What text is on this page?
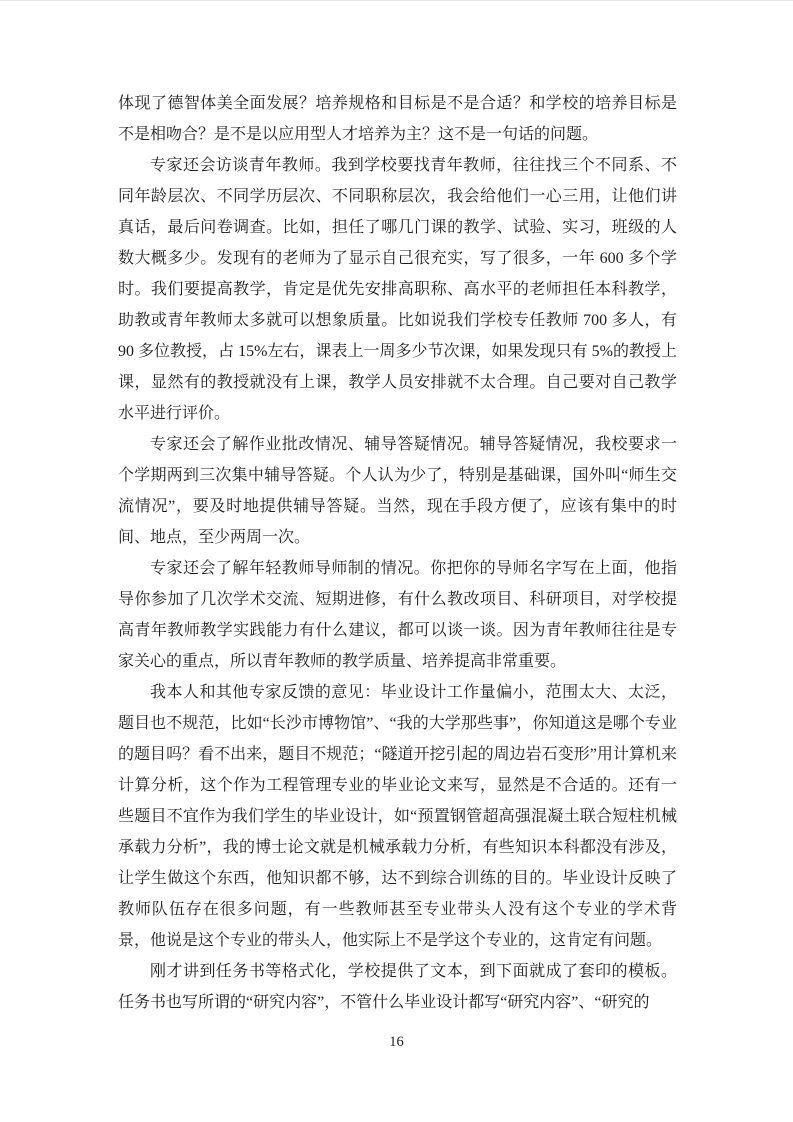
体现了德智体美全面发展？培养规格和目标是不是合适？和学校的培养目标是不是相吻合？是不是以应用型人才培养为主？这不是一句话的问题。

专家还会访谈青年教师。我到学校要找青年教师，往往找三个不同系、不同年龄层次、不同学历层次、不同职称层次，我会给他们一心三用，让他们讲真话，最后问卷调查。比如，担任了哪几门课的教学、试验、实习，班级的人数大概多少。发现有的老师为了显示自己很充实，写了很多，一年 600 多个学时。我们要提高教学，肯定是优先安排高职称、高水平的老师担任本科教学，助教或青年教师太多就可以想象质量。比如说我们学校专任教师 700 多人，有 90 多位教授，占 15%左右，课表上一周多少节次课，如果发现只有 5%的教授上课，显然有的教授就没有上课，教学人员安排就不太合理。自己要对自己教学水平进行评价。

专家还会了解作业批改情况、辅导答疑情况。辅导答疑情况，我校要求一个学期两到三次集中辅导答疑。个人认为少了，特别是基础课，国外叫“师生交流情况”，要及时地提供辅导答疑。当然，现在手段方便了，应该有集中的时间、地点，至少两周一次。

专家还会了解年轻教师导师制的情况。你把你的导师名字写在上面，他指导你参加了几次学术交流、短期进修，有什么教改项目、科研项目，对学校提高青年教师教学实践能力有什么建议，都可以谈一谈。因为青年教师往往是专家关心的重点，所以青年教师的教学质量、培养提高非常重要。

我本人和其他专家反馈的意见：毕业设计工作量偏小，范围太大、太泛，题目也不规范，比如“长沙市博物馆”、“我的大学那些事”，你知道这是哪个专业的题目吗？看不出来，题目不规范；“隧道开挖引起的周边岩石变形”用计算机来计算分析，这个作为工程管理专业的毕业论文来写，显然是不合适的。还有一些题目不宜作为我们学生的毕业设计，如“预置钢管超高强混凝土联合短柱机械承载力分析”，我的博士论文就是机械承载力分析，有些知识本科都没有涉及，让学生做这个东西，他知识都不够，达不到综合训练的目的。毕业设计反映了教师队伍存在很多问题，有一些教师甚至专业带头人没有这个专业的学术背景，他说是这个专业的带头人，他实际上不是学这个专业的，这肯定有问题。

刚才讲到任务书等格式化，学校提供了文本，到下面就成了套印的模板。任务书也写所谓的“研究内容”，不管什么毕业设计都写“研究内容”、“研究的

16
